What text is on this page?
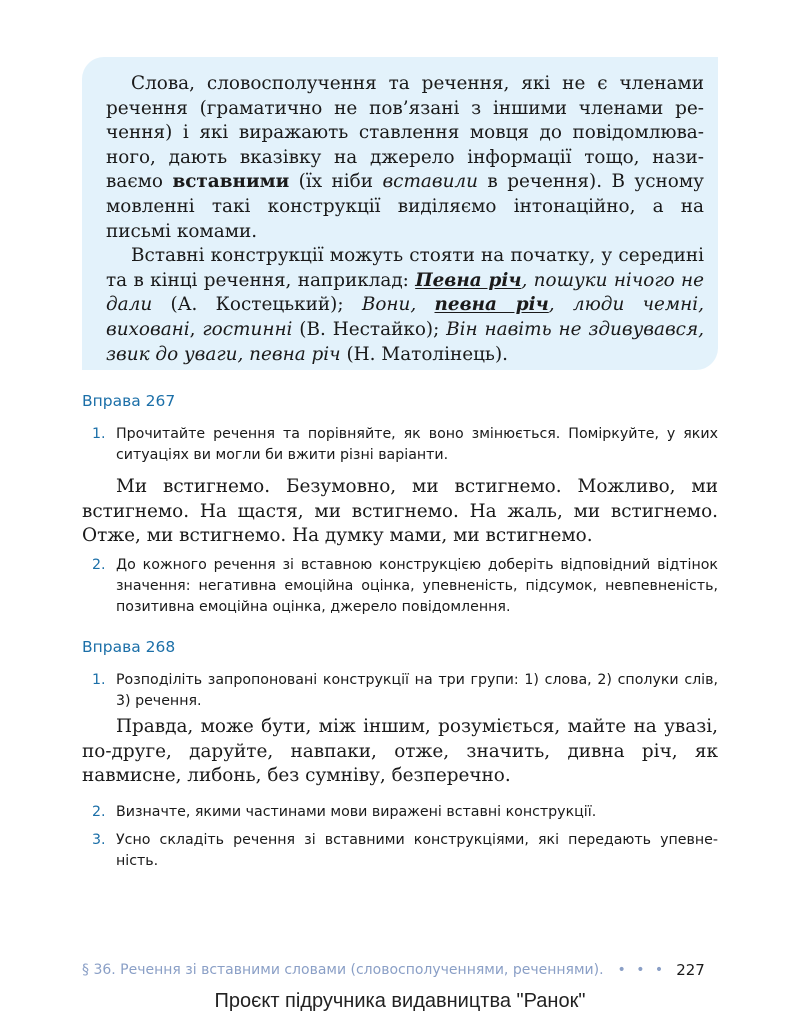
Слова, словосполучення та речення, які не є членами речення (граматично не пов’язані з іншими членами речення) і які виражають ставлення мовця до повідомлюваного, дають вказівку на джерело інформації тощо, називаємо вставними (їх ніби вставили в речення). В усному мовленні такі конструкції виділяємо інтонаційно, а на письмі комами.

Вставні конструкції можуть стояти на початку, у середині та в кінці речення, наприклад: Певна річ, пошуки нічого не дали (А. Костецький); Вони, певна річ, люди чемні, виховані, гостинні (В. Нестайко); Він навіть не здивувався, звик до уваги, певна річ (Н. Матолінець).

Вправа 267
1. Прочитайте речення та порівняйте, як воно змінюється. Поміркуйте, у яких ситуаціях ви могли би вжити різні варіанти.
Ми встигнемо. Безумовно, ми встигнемо. Можливо, ми встигнемо. На щастя, ми встигнемо. На жаль, ми встигнемо. Отже, ми встигнемо. На думку мами, ми встигнемо.
2. До кожного речення зі вставною конструкцією доберіть відповідний відтінок значення: негативна емоційна оцінка, упевненість, підсумок, невпевненість, позитивна емоційна оцінка, джерело повідомлення.
Вправа 268
1. Розподіліть запропоновані конструкції на три групи: 1) слова, 2) сполуки слів, 3) речення.
Правда, може бути, між іншим, розуміється, майте на увазі, по-друге, даруйте, навпаки, отже, значить, дивна річ, як навмисне, либонь, без сумніву, безперечно.
2. Визначте, якими частинами мови виражені вставні конструкції.
3. Усно складіть речення зі вставними конструкціями, які передають упевненість.
§ 36. Речення зі вставними словами (словосполученнями, реченнями). • • • 227
Проєкт підручника видавництва "Ранок"
